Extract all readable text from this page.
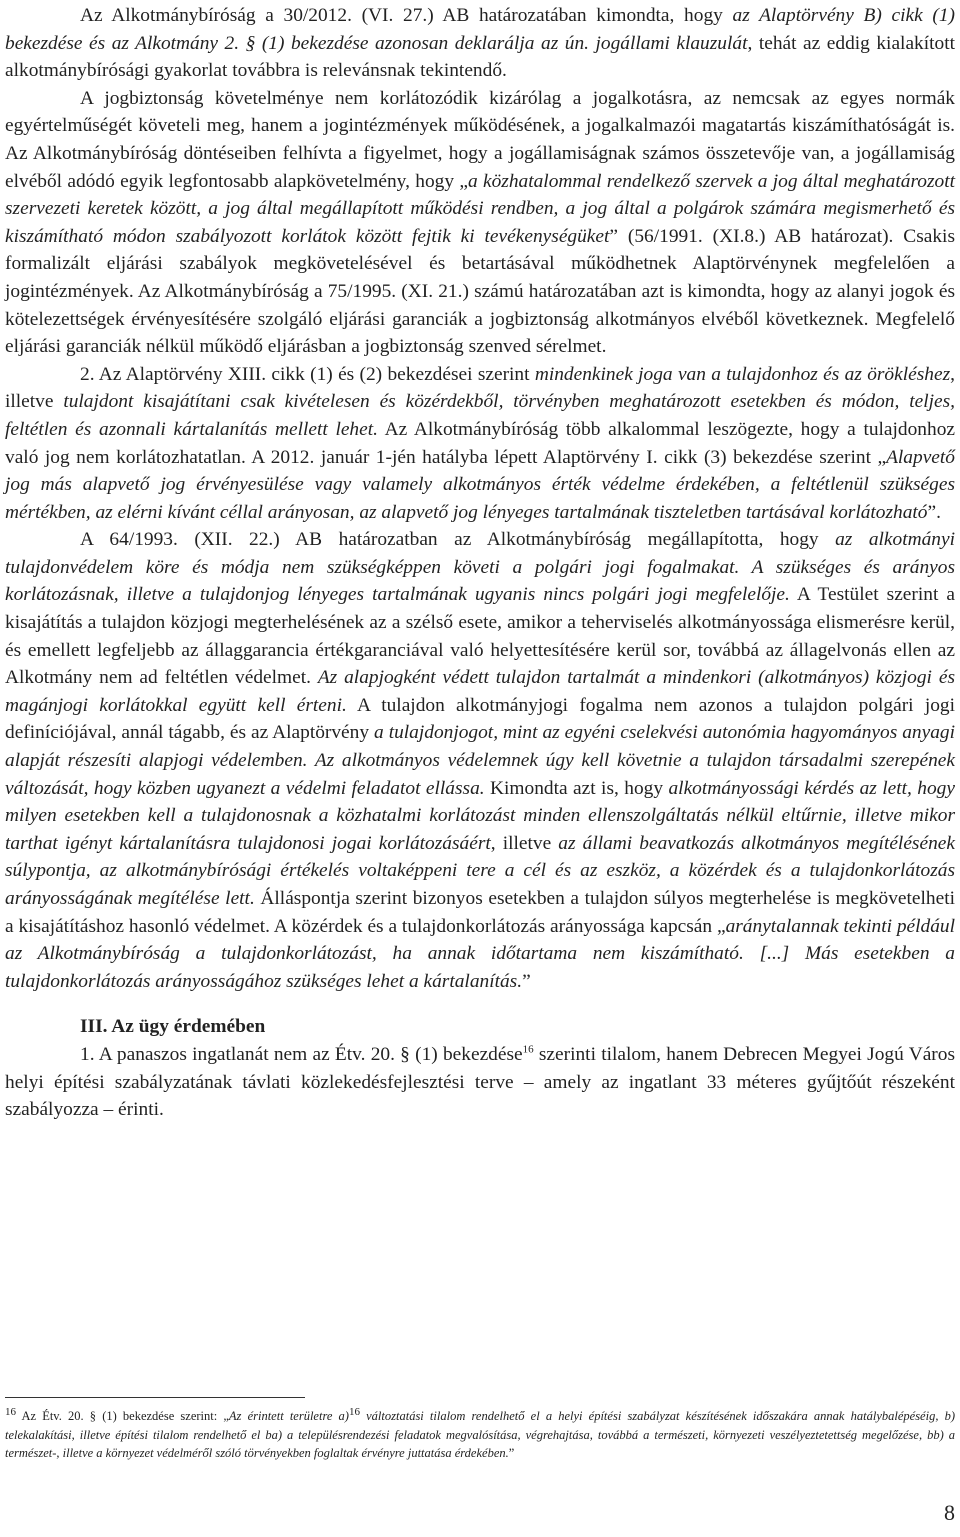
Az Alkotmánybíróság a 30/2012. (VI. 27.) AB határozatában kimondta, hogy az Alaptörvény B) cikk (1) bekezdése és az Alkotmány 2. § (1) bekezdése azonosan deklarálja az ún. jogállami klauzulát, tehát az eddig kialakított alkotmánybírósági gyakorlat továbbra is relevánsnak tekintendő.

A jogbiztonság követelménye nem korlátozódik kizárólag a jogalkotásra, az nemcsak az egyes normák egyértelműségét követeli meg, hanem a jogintézmények működésének, a jogalkalmazói magatartás kiszámíthatóságát is. Az Alkotmánybíróság döntéseiben felhívta a figyelmet, hogy a jogállamiságnak számos összetevője van, a jogállamiság elvéből adódó egyik legfontosabb alapkövetelmény, hogy „a közhatalommal rendelkező szervek a jog által meghatározott szervezeti keretek között, a jog által megállapított működési rendben, a jog által a polgárok számára megismerhető és kiszámítható módon szabályozott korlátok között fejtik ki tevékenységüket” (56/1991. (XI.8.) AB határozat). Csakis formalizált eljárási szabályok megkövetelésével és betartásával működhetnek Alaptörvénynek megfelelően a jogintézmények. Az Alkotmánybíróság a 75/1995. (XI. 21.) számú határozatában azt is kimondta, hogy az alanyi jogok és kötelezettségek érvényesítésére szolgáló eljárási garanciák a jogbiztonság alkotmányos elvéből következnek. Megfelelő eljárási garanciák nélkül működő eljárásban a jogbiztonság szenved sérelmet.

2. Az Alaptörvény XIII. cikk (1) és (2) bekezdései szerint mindenkinek joga van a tulajdonhoz és az örökléshez, illetve tulajdont kisajátítani csak kivételesen és közérdekből, törvényben meghatározott esetekben és módon, teljes, feltétlen és azonnali kártalanítás mellett lehet. Az Alkotmánybíróság több alkalommal leszögezte, hogy a tulajdonhoz való jog nem korlátozhatatlan. A 2012. január 1-jén hatályba lépett Alaptörvény I. cikk (3) bekezdése szerint „Alapvető jog más alapvető jog érvényesülése vagy valamely alkotmányos érték védelme érdekében, a feltétlenül szükséges mértékben, az elérni kívánt céllal arányosan, az alapvető jog lényeges tartalmának tiszteletben tartásával korlátozható”.

A 64/1993. (XII. 22.) AB határozatban az Alkotmánybíróság megállapította, hogy az alkotmányi tulajdonvédelem köre és módja nem szükségképpen követi a polgári jogi fogalmakat. A szükséges és arányos korlátozásnak, illetve a tulajdonjog lényeges tartalmának ugyanis nincs polgári jogi megfelelője. A Testület szerint a kisajátítás a tulajdon közjogi megterhelésének az a szélső esete, amikor a teherviselés alkotmányossága elismerésre kerül, és emellett legfeljebb az állaggarancia értékgaranciával való helyettesítésére kerül sor, továbbá az állagelvonás ellen az Alkotmány nem ad feltétlen védelmet. Az alapjogként védett tulajdon tartalmát a mindenkori (alkotmányos) közjogi és magánjogi korlátokkal együtt kell érteni. A tulajdon alkotmányjogi fogalma nem azonos a tulajdon polgári jogi definíciójával, annál tágabb, és az Alaptörvény a tulajdonjogot, mint az egyéni cselekvési autonómia hagyományos anyagi alapját részesíti alapjogi védelemben. Az alkotmányos védelemnek úgy kell követnie a tulajdon társadalmi szerepének változását, hogy közben ugyanezt a védelmi feladatot ellássa. Kimondta azt is, hogy alkotmányossági kérdés az lett, hogy milyen esetekben kell a tulajdonosnak a közhatalmi korlátozást minden ellenszolgáltatás nélkül eltűrnie, illetve mikor tarthat igényt kártalanításra tulajdonosi jogai korlátozásáért, illetve az állami beavatkozás alkotmányos megítélésének súlypontja, az alkotmánybírósági értékelés voltaképpeni tere a cél és az eszköz, a közérdek és a tulajdonkorlátozás arányosságának megítélése lett. Álláspontja szerint bizonyos esetekben a tulajdon súlyos megterhelése is megkövetelheti a kisajátításhoz hasonló védelmet. A közérdek és a tulajdonkorlátozás arányossága kapcsán „aránytalannak tekinti például az Alkotmánybíróság a tulajdonkorlátozást, ha annak időtartama nem kiszámítható. [...] Más esetekben a tulajdonkorlátozás arányosságához szükséges lehet a kártalanítás.”

III. Az ügy érdemében

1. A panaszos ingatlanát nem az Étv. 20. § (1) bekezdése$^{16}$ szerinti tilalom, hanem Debrecen Megyei Jogú Város helyi építési szabályzatának távlati közlekedésfejlesztési terve – amely az ingatlant 33 méteres gyűjtőút részeként szabályozza – érinti.

$^{16}$ Az Étv. 20. § (1) bekezdése szerint: „Az érintett területre a)$^{16}$ változtatási tilalom rendelhető el a helyi építési szabályzat készítésének időszakára annak hatálybalépéséig, b) telekalakítási, illetve építési tilalom rendelhető el ba) a településrendezési feladatok megvalósítása, végrehajtása, továbbá a természeti, környezeti veszélyeztetettség megelőzése, bb) a természet-, illetve a környezet védelméről szóló törvényekben foglaltak érvényre juttatása érdekében.”
8
